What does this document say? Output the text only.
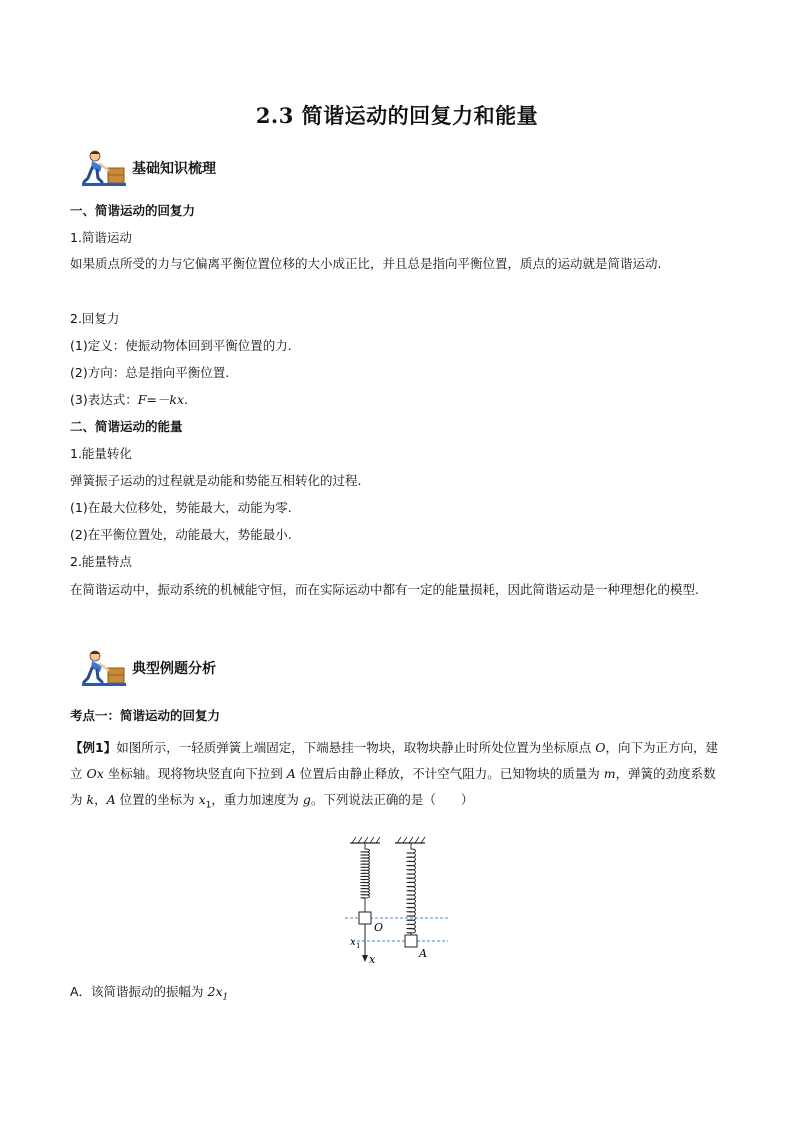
2.3 简谐运动的回复力和能量
基础知识梳理
一、简谐运动的回复力
1.简谐运动
如果质点所受的力与它偏离平衡位置位移的大小成正比，并且总是指向平衡位置，质点的运动就是简谐运动.
2.回复力
(1)定义：使振动物体回到平衡位置的力.
(2)方向：总是指向平衡位置.
(3)表达式：F=－kx.
二、简谐运动的能量
1.能量转化
弹簧振子运动的过程就是动能和势能互相转化的过程.
(1)在最大位移处，势能最大，动能为零.
(2)在平衡位置处，动能最大，势能最小.
2.能量特点
在简谐运动中，振动系统的机械能守恒，而在实际运动中都有一定的能量损耗，因此简谐运动是一种理想化的模型.
典型例题分析
考点一：简谐运动的回复力
【例1】如图所示，一轻质弹簧上端固定，下端悬挂一物块，取物块静止时所处位置为坐标原点 O，向下为正方向，建立 Ox 坐标轴。现将物块竖直向下拉到 A 位置后由静止释放，不计空气阻力。已知物块的质量为 m，弹簧的劲度系数为 k，A 位置的坐标为 $x_1$，重力加速度为 g。下列说法正确的是（　　）
O
A
x 1
x
A．该简谐振动的振幅为 $2x_1$
